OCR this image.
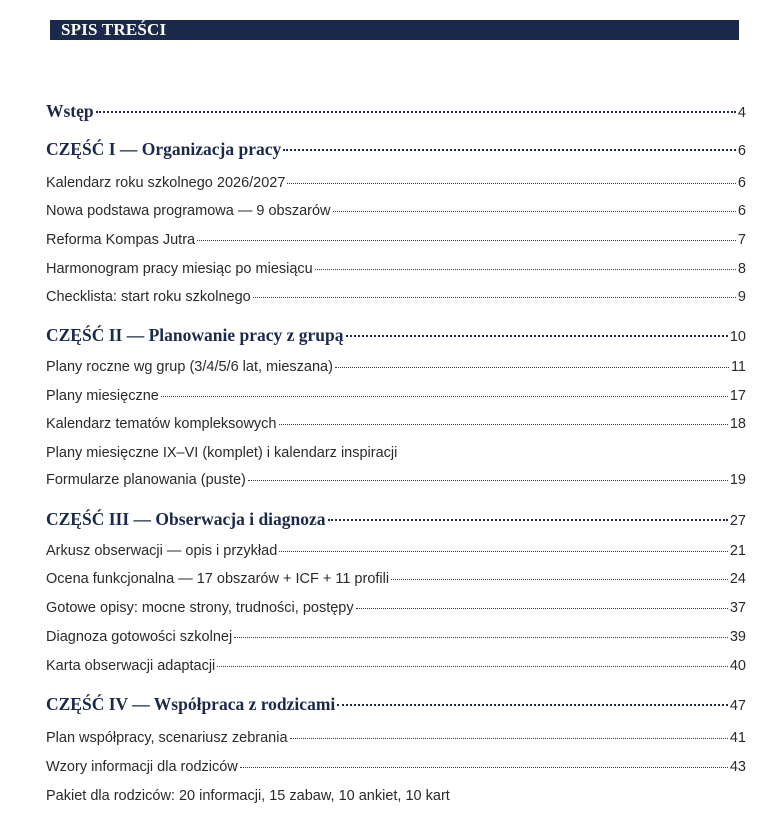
SPIS TREŚCI
Wstęp	4
CZĘŚĆ I — Organizacja pracy	6
Kalendarz roku szkolnego 2026/2027	6
Nowa podstawa programowa — 9 obszarów	6
Reforma Kompas Jutra	7
Harmonogram pracy miesiąc po miesiącu	8
Checklista: start roku szkolnego	9
CZĘŚĆ II — Planowanie pracy z grupą	10
Plany roczne wg grup (3/4/5/6 lat, mieszana)	11
Plany miesięczne	17
Kalendarz tematów kompleksowych	18
Plany miesięczne IX–VI (komplet) i kalendarz inspiracji
Formularze planowania (puste)	19
CZĘŚĆ III — Obserwacja i diagnoza	27
Arkusz obserwacji — opis i przykład	21
Ocena funkcjonalna — 17 obszarów + ICF + 11 profili	24
Gotowe opisy: mocne strony, trudności, postępy	37
Diagnoza gotowości szkolnej	39
Karta obserwacji adaptacji	40
CZĘŚĆ IV — Współpraca z rodzicami	47
Plan współpracy, scenariusz zebrania	41
Wzory informacji dla rodziców	43
Pakiet dla rodziców: 20 informacji, 15 zabaw, 10 ankiet, 10 kart
